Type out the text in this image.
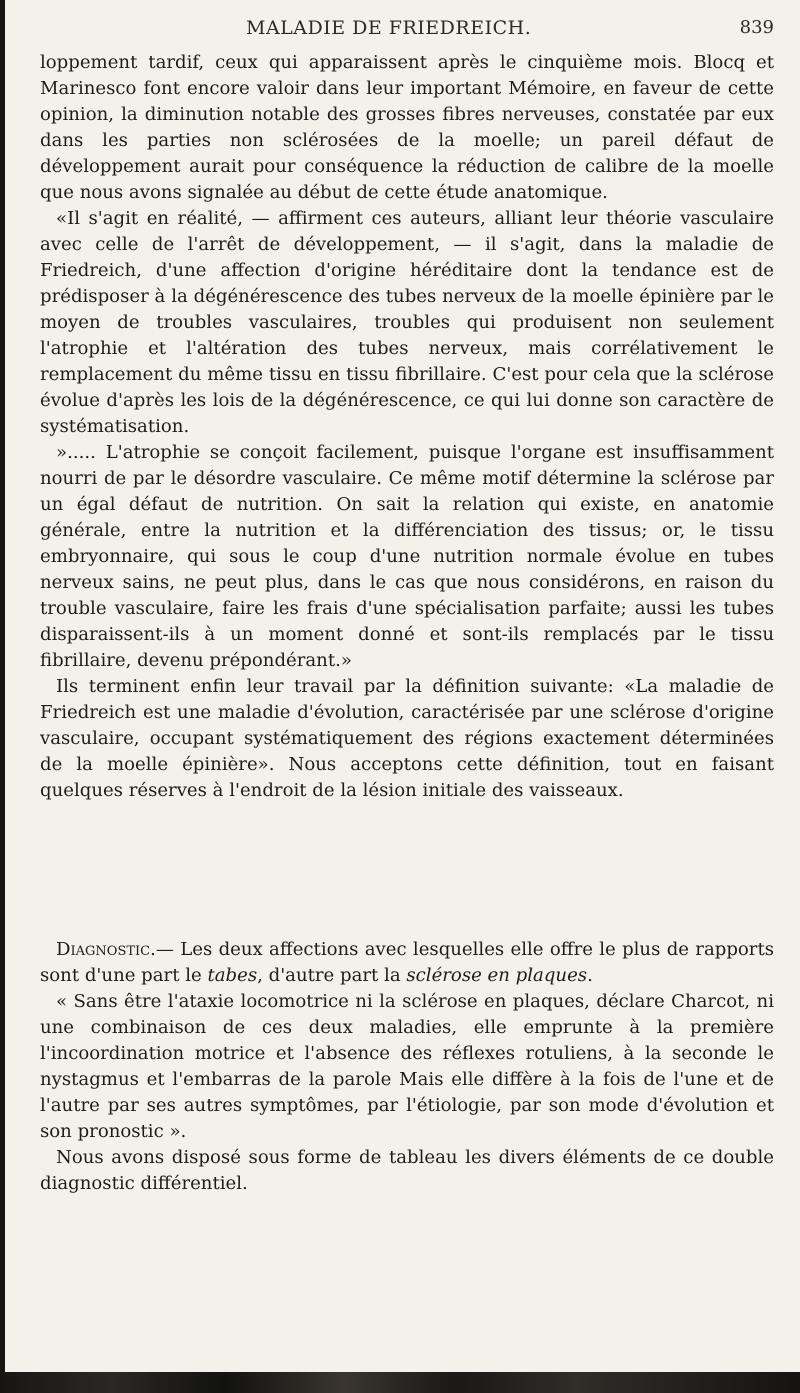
MALADIE DE FRIEDREICH.	839

loppement tardif, ceux qui apparaissent après le cinquième mois. Blocq et Marinesco font encore valoir dans leur important Mémoire, en faveur de cette opinion, la diminution notable des grosses fibres nerveuses, constatée par eux dans les parties non sclérosées de la moelle; un pareil défaut de développement aurait pour conséquence la réduction de calibre de la moelle que nous avons signalée au début de cette étude anatomique.

«Il s'agit en réalité, — affirment ces auteurs, alliant leur théorie vasculaire avec celle de l'arrêt de développement, — il s'agit, dans la maladie de Friedreich, d'une affection d'origine héréditaire dont la tendance est de prédisposer à la dégénérescence des tubes nerveux de la moelle épinière par le moyen de troubles vasculaires, troubles qui produisent non seulement l'atrophie et l'altération des tubes nerveux, mais corrélativement le remplacement du même tissu en tissu fibrillaire. C'est pour cela que la sclérose évolue d'après les lois de la dégénérescence, ce qui lui donne son caractère de systématisation.

»..... L'atrophie se conçoit facilement, puisque l'organe est insuffisamment nourri de par le désordre vasculaire. Ce même motif détermine la sclérose par un égal défaut de nutrition. On sait la relation qui existe, en anatomie générale, entre la nutrition et la différenciation des tissus; or, le tissu embryonnaire, qui sous le coup d'une nutrition normale évolue en tubes nerveux sains, ne peut plus, dans le cas que nous considérons, en raison du trouble vasculaire, faire les frais d'une spécialisation parfaite; aussi les tubes disparaissent-ils à un moment donné et sont-ils remplacés par le tissu fibrillaire, devenu prépondérant.»

Ils terminent enfin leur travail par la définition suivante: «La maladie de Friedreich est une maladie d'évolution, caractérisée par une sclérose d'origine vasculaire, occupant systématiquement des régions exactement déterminées de la moelle épinière». Nous acceptons cette définition, tout en faisant quelques réserves à l'endroit de la lésion initiale des vaisseaux.

Diagnostic.— Les deux affections avec lesquelles elle offre le plus de rapports sont d'une part le tabes, d'autre part la sclérose en plaques.

« Sans être l'ataxie locomotrice ni la sclérose en plaques, déclare Charcot, ni une combinaison de ces deux maladies, elle emprunte à la première l'incoordination motrice et l'absence des réflexes rotuliens, à la seconde le nystagmus et l'embarras de la parole Mais elle diffère à la fois de l'une et de l'autre par ses autres symptômes, par l'étiologie, par son mode d'évolution et son pronostic ».

Nous avons disposé sous forme de tableau les divers éléments de ce double diagnostic différentiel.
